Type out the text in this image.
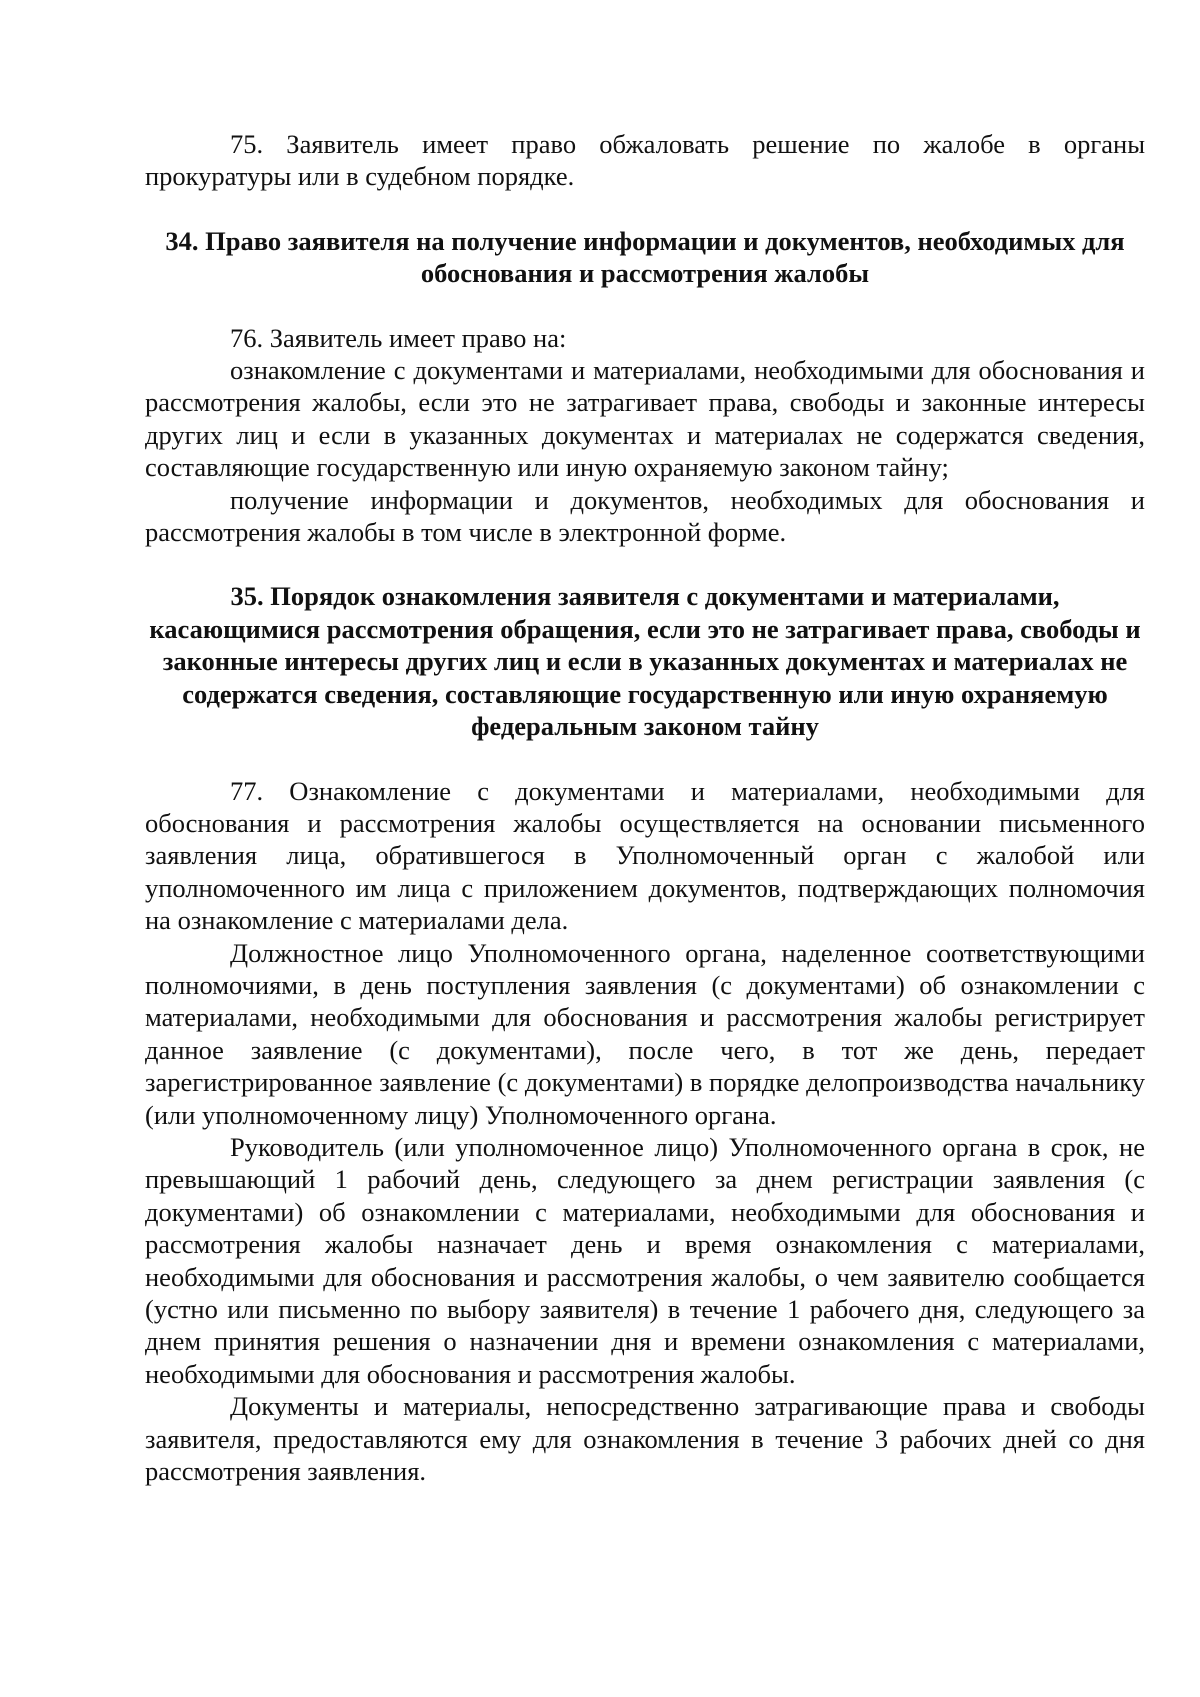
75. Заявитель имеет право обжаловать решение по жалобе в органы прокуратуры или в судебном порядке.

34. Право заявителя на получение информации и документов, необходимых для обоснования и рассмотрения жалобы

76. Заявитель имеет право на:

ознакомление с документами и материалами, необходимыми для обоснования и рассмотрения жалобы, если это не затрагивает права, свободы и законные интересы других лиц и если в указанных документах и материалах не содержатся сведения, составляющие государственную или иную охраняемую законом тайну;

получение информации и документов, необходимых для обоснования и рассмотрения жалобы в том числе в электронной форме.

35. Порядок ознакомления заявителя с документами и материалами, касающимися рассмотрения обращения, если это не затрагивает права, свободы и законные интересы других лиц и если в указанных документах и материалах не содержатся сведения, составляющие государственную или иную охраняемую федеральным законом тайну

77. Ознакомление с документами и материалами, необходимыми для обоснования и рассмотрения жалобы осуществляется на основании письменного заявления лица, обратившегося в Уполномоченный орган с жалобой или уполномоченного им лица с приложением документов, подтверждающих полномочия на ознакомление с материалами дела.

Должностное лицо Уполномоченного органа, наделенное соответствующими полномочиями, в день поступления заявления (с документами) об ознакомлении с материалами, необходимыми для обоснования и рассмотрения жалобы регистрирует данное заявление (с документами), после чего, в тот же день, передает зарегистрированное заявление (с документами) в порядке делопроизводства начальнику (или уполномоченному лицу) Уполномоченного органа.

Руководитель (или уполномоченное лицо) Уполномоченного органа в срок, не превышающий 1 рабочий день, следующего за днем регистрации заявления (с документами) об ознакомлении с материалами, необходимыми для обоснования и рассмотрения жалобы назначает день и время ознакомления с материалами, необходимыми для обоснования и рассмотрения жалобы, о чем заявителю сообщается (устно или письменно по выбору заявителя) в течение 1 рабочего дня, следующего за днем принятия решения о назначении дня и времени ознакомления с материалами, необходимыми для обоснования и рассмотрения жалобы.

Документы и материалы, непосредственно затрагивающие права и свободы заявителя, предоставляются ему для ознакомления в течение 3 рабочих дней со дня рассмотрения заявления.
